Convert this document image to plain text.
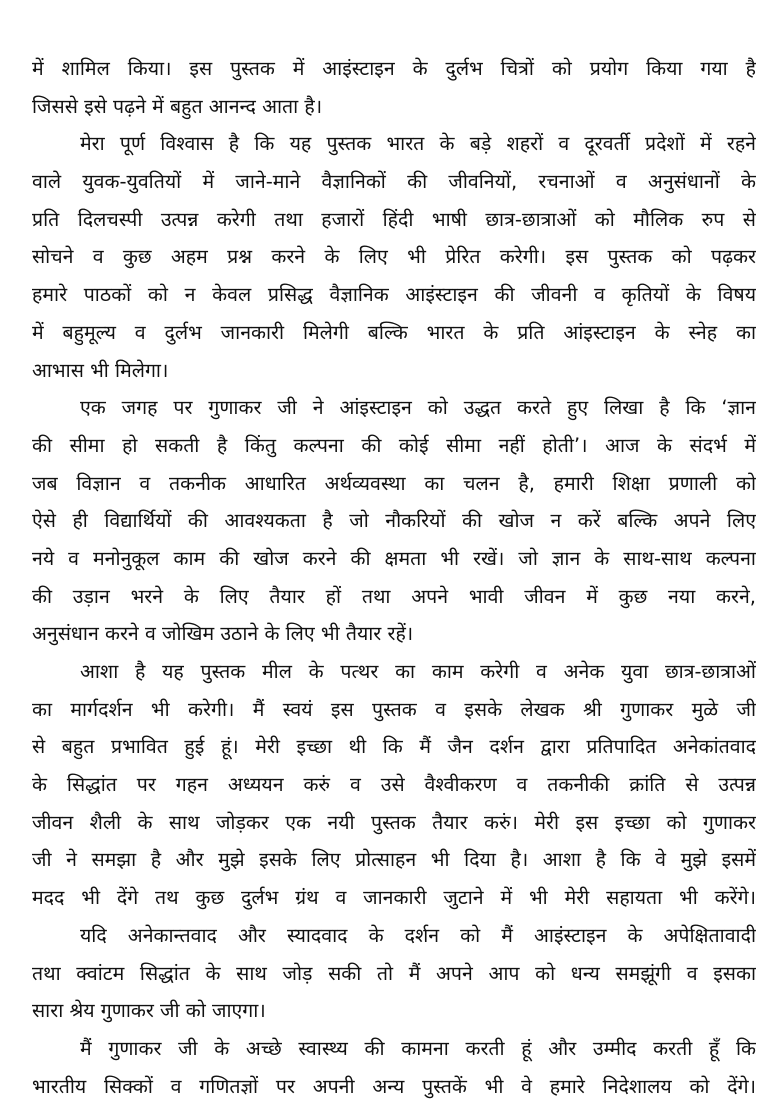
में शामिल किया। इस पुस्तक में आइंस्टाइन के दुर्लभ चित्रों को प्रयोग किया गया है
जिससे इसे पढ़ने में बहुत आनन्द आता है।
मेरा पूर्ण विश्वास है कि यह पुस्तक भारत के बड़े शहरों व दूरवर्ती प्रदेशों में रहने
वाले युवक-युवतियों में जाने-माने वैज्ञानिकों की जीवनियों, रचनाओं व अनुसंधानों के
प्रति दिलचस्पी उत्पन्न करेगी तथा हजारों हिंदी भाषी छात्र-छात्राओं को मौलिक रुप से
सोचने व कुछ अहम प्रश्न करने के लिए भी प्रेरित करेगी। इस पुस्तक को पढ़कर
हमारे पाठकों को न केवल प्रसिद्ध वैज्ञानिक आइंस्टाइन की जीवनी व कृतियों के विषय
में बहुमूल्य व दुर्लभ जानकारी मिलेगी बल्कि भारत के प्रति आंइस्टाइन के स्नेह का
आभास भी मिलेगा।
एक जगह पर गुणाकर जी ने आंइस्टाइन को उद्धत करते हुए लिखा है कि ‘ज्ञान
की सीमा हो सकती है किंतु कल्पना की कोई सीमा नहीं होती’। आज के संदर्भ में
जब विज्ञान व तकनीक आधारित अर्थव्यवस्था का चलन है, हमारी शिक्षा प्रणाली को
ऐसे ही विद्यार्थियों की आवश्यकता है जो नौकरियों की खोज न करें बल्कि अपने लिए
नये व मनोनुकूल काम की खोज करने की क्षमता भी रखें। जो ज्ञान के साथ-साथ कल्पना
की उड़ान भरने के लिए तैयार हों तथा अपने भावी जीवन में कुछ नया करने,
अनुसंधान करने व जोखिम उठाने के लिए भी तैयार रहें।
आशा है यह पुस्तक मील के पत्थर का काम करेगी व अनेक युवा छात्र-छात्राओं
का मार्गदर्शन भी करेगी। मैं स्वयं इस पुस्तक व इसके लेखक श्री गुणाकर मुळे जी
से बहुत प्रभावित हुई हूं। मेरी इच्छा थी कि मैं जैन दर्शन द्वारा प्रतिपादित अनेकांतवाद
के सिद्धांत पर गहन अध्ययन करुं व उसे वैश्वीकरण व तकनीकी क्रांति से उत्पन्न
जीवन शैली के साथ जोड़कर एक नयी पुस्तक तैयार करुं। मेरी इस इच्छा को गुणाकर
जी ने समझा है और मुझे इसके लिए प्रोत्साहन भी दिया है। आशा है कि वे मुझे इसमें
मदद भी देंगे तथ कुछ दुर्लभ ग्रंथ व जानकारी जुटाने में भी मेरी सहायता भी करेंगे।
यदि अनेकान्तवाद और स्यादवाद के दर्शन को मैं आइंस्टाइन के अपेक्षितावादी
तथा क्वांटम सिद्धांत के साथ जोड़ सकी तो मैं अपने आप को धन्य समझूंगी व इसका
सारा श्रेय गुणाकर जी को जाएगा।
मैं गुणाकर जी के अच्छे स्वास्थ्य की कामना करती हूं और उम्मीद करती हूँ कि
भारतीय सिक्कों व गणितज्ञों पर अपनी अन्य पुस्तकें भी वे हमारे निदेशालय को देंगे।
